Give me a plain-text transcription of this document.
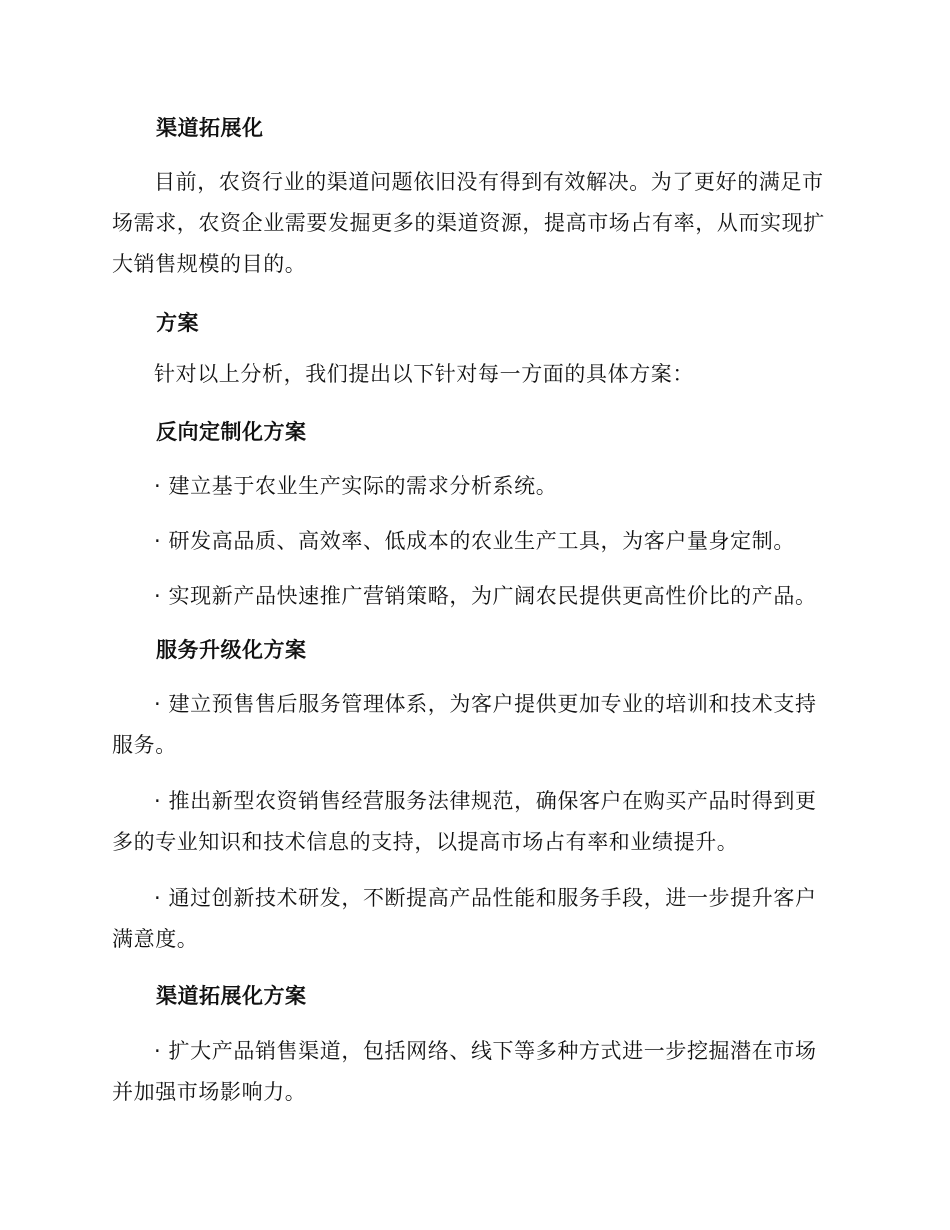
渠道拓展化

目前，农资行业的渠道问题依旧没有得到有效解决。为了更好的满足市场需求，农资企业需要发掘更多的渠道资源，提高市场占有率，从而实现扩大销售规模的目的。

方案

针对以上分析，我们提出以下针对每一方面的具体方案：

反向定制化方案

· 建立基于农业生产实际的需求分析系统。

· 研发高品质、高效率、低成本的农业生产工具，为客户量身定制。

· 实现新产品快速推广营销策略，为广阔农民提供更高性价比的产品。

服务升级化方案

· 建立预售售后服务管理体系，为客户提供更加专业的培训和技术支持服务。

· 推出新型农资销售经营服务法律规范，确保客户在购买产品时得到更多的专业知识和技术信息的支持，以提高市场占有率和业绩提升。

· 通过创新技术研发，不断提高产品性能和服务手段，进一步提升客户满意度。

渠道拓展化方案

· 扩大产品销售渠道，包括网络、线下等多种方式进一步挖掘潜在市场并加强市场影响力。
